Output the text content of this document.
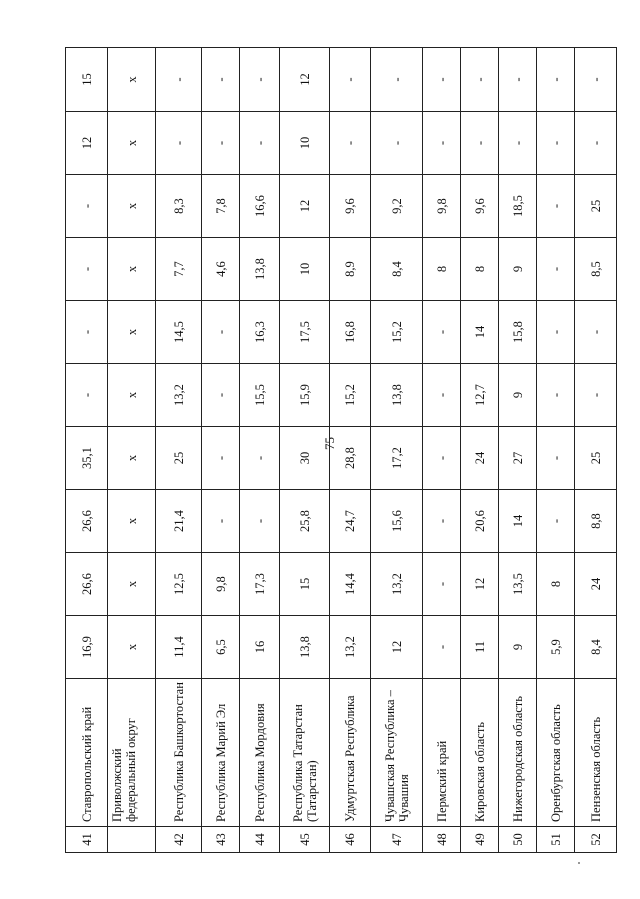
75
41	Ставропольский край	16,9	26,6	26,6	35,1	-	-	-	-	12	15
	Приволжский федеральный округ	х	х	х	х	х	х	х	х	х	х
42	Республика Башкортостан	11,4	12,5	21,4	25	13,2	14,5	7,7	8,3	-	-
43	Республика Марий Эл	6,5	9,8	-	-	-	-	4,6	7,8	-	-
44	Республика Мордовия	16	17,3	-	-	15,5	16,3	13,8	16,6	-	-
45	Республика Татарстан (Татарстан)	13,8	15	25,8	30	15,9	17,5	10	12	10	12
46	Удмуртская Республика	13,2	14,4	24,7	28,8	15,2	16,8	8,9	9,6	-	-
47	Чувашская Республика – Чувашия	12	13,2	15,6	17,2	13,8	15,2	8,4	9,2	-	-
48	Пермский край	-	-	-	-	-	-	8	9,8	-	-
49	Кировская область	11	12	20,6	24	12,7	14	8	9,6	-	-
50	Нижегородская область	9	13,5	14	27	9	15,8	9	18,5	-	-
51	Оренбургская область	5,9	8	-	-	-	-	-	-	-	-
52	Пензенская область	8,4	24	8,8	25	-	-	8,5	25	-	-
